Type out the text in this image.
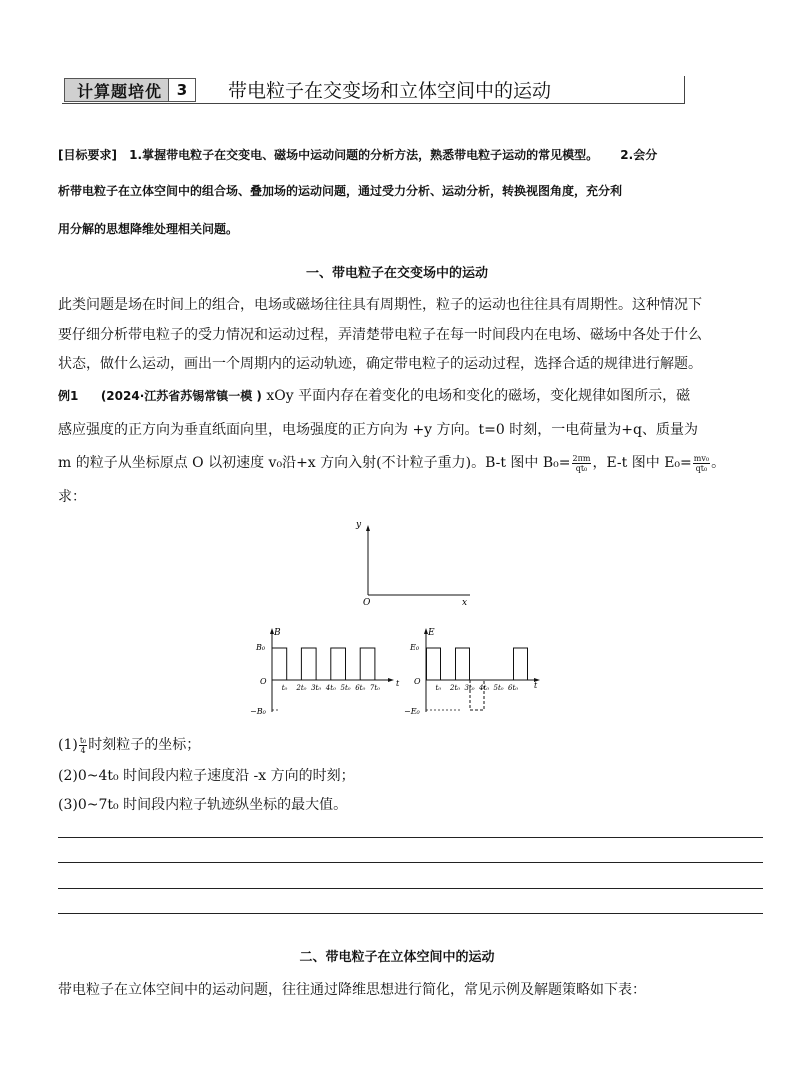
计算题培优 3	带电粒子在交变场和立体空间中的运动
[目标要求] 1.掌握带电粒子在交变电、磁场中运动问题的分析方法，熟悉带电粒子运动的常见模型。 2.会分
析带电粒子在立体空间中的组合场、叠加场的运动问题，通过受力分析、运动分析，转换视图角度，充分利
用分解的思想降维处理相关问题。
一、带电粒子在交变场中的运动
此类问题是场在时间上的组合，电场或磁场往往具有周期性，粒子的运动也往往具有周期性。这种情况下
要仔细分析带电粒子的受力情况和运动过程，弄清楚带电粒子在每一时间段内在电场、磁场中各处于什么
状态，做什么运动，画出一个周期内的运动轨迹，确定带电粒子的运动过程，选择合适的规律进行解题。
例1 (2024·江苏省苏锡常镇一模 ) xOy 平面内存在着变化的电场和变化的磁场，变化规律如图所示，磁
感应强度的正方向为垂直纸面向里，电场强度的正方向为 +y 方向。t=0 时刻，一电荷量为+q、质量为
m 的粒子从坐标原点 O 以初速度 v₀沿+x 方向入射(不计粒子重力)。B-t 图中 $B_0= \frac{2\pi m}{\text{qt₀}}$ ，E-t 图中 $E_0= \frac{\text{mv₀}}{\text{qt₀}}$ 。
求：
y
x
O
B
t
B₀
O
−B₀
t₀ 2t₀ 3t₀ 4t₀ 5t₀ 6t₀ 7t₀
E
t
E₀
O
−E₀
t₀ 2t₀ 3t₀ 4t₀ 5t₀ 6t₀
$(1) \frac{\text{t₀}}{4}$ 时刻粒子的坐标；
(2)0~4t₀ 时间段内粒子速度沿 -x 方向的时刻；
(3)0~7t₀ 时间段内粒子轨迹纵坐标的最大值。
二、带电粒子在立体空间中的运动
带电粒子在立体空间中的运动问题，往往通过降维思想进行简化，常见示例及解题策略如下表：
